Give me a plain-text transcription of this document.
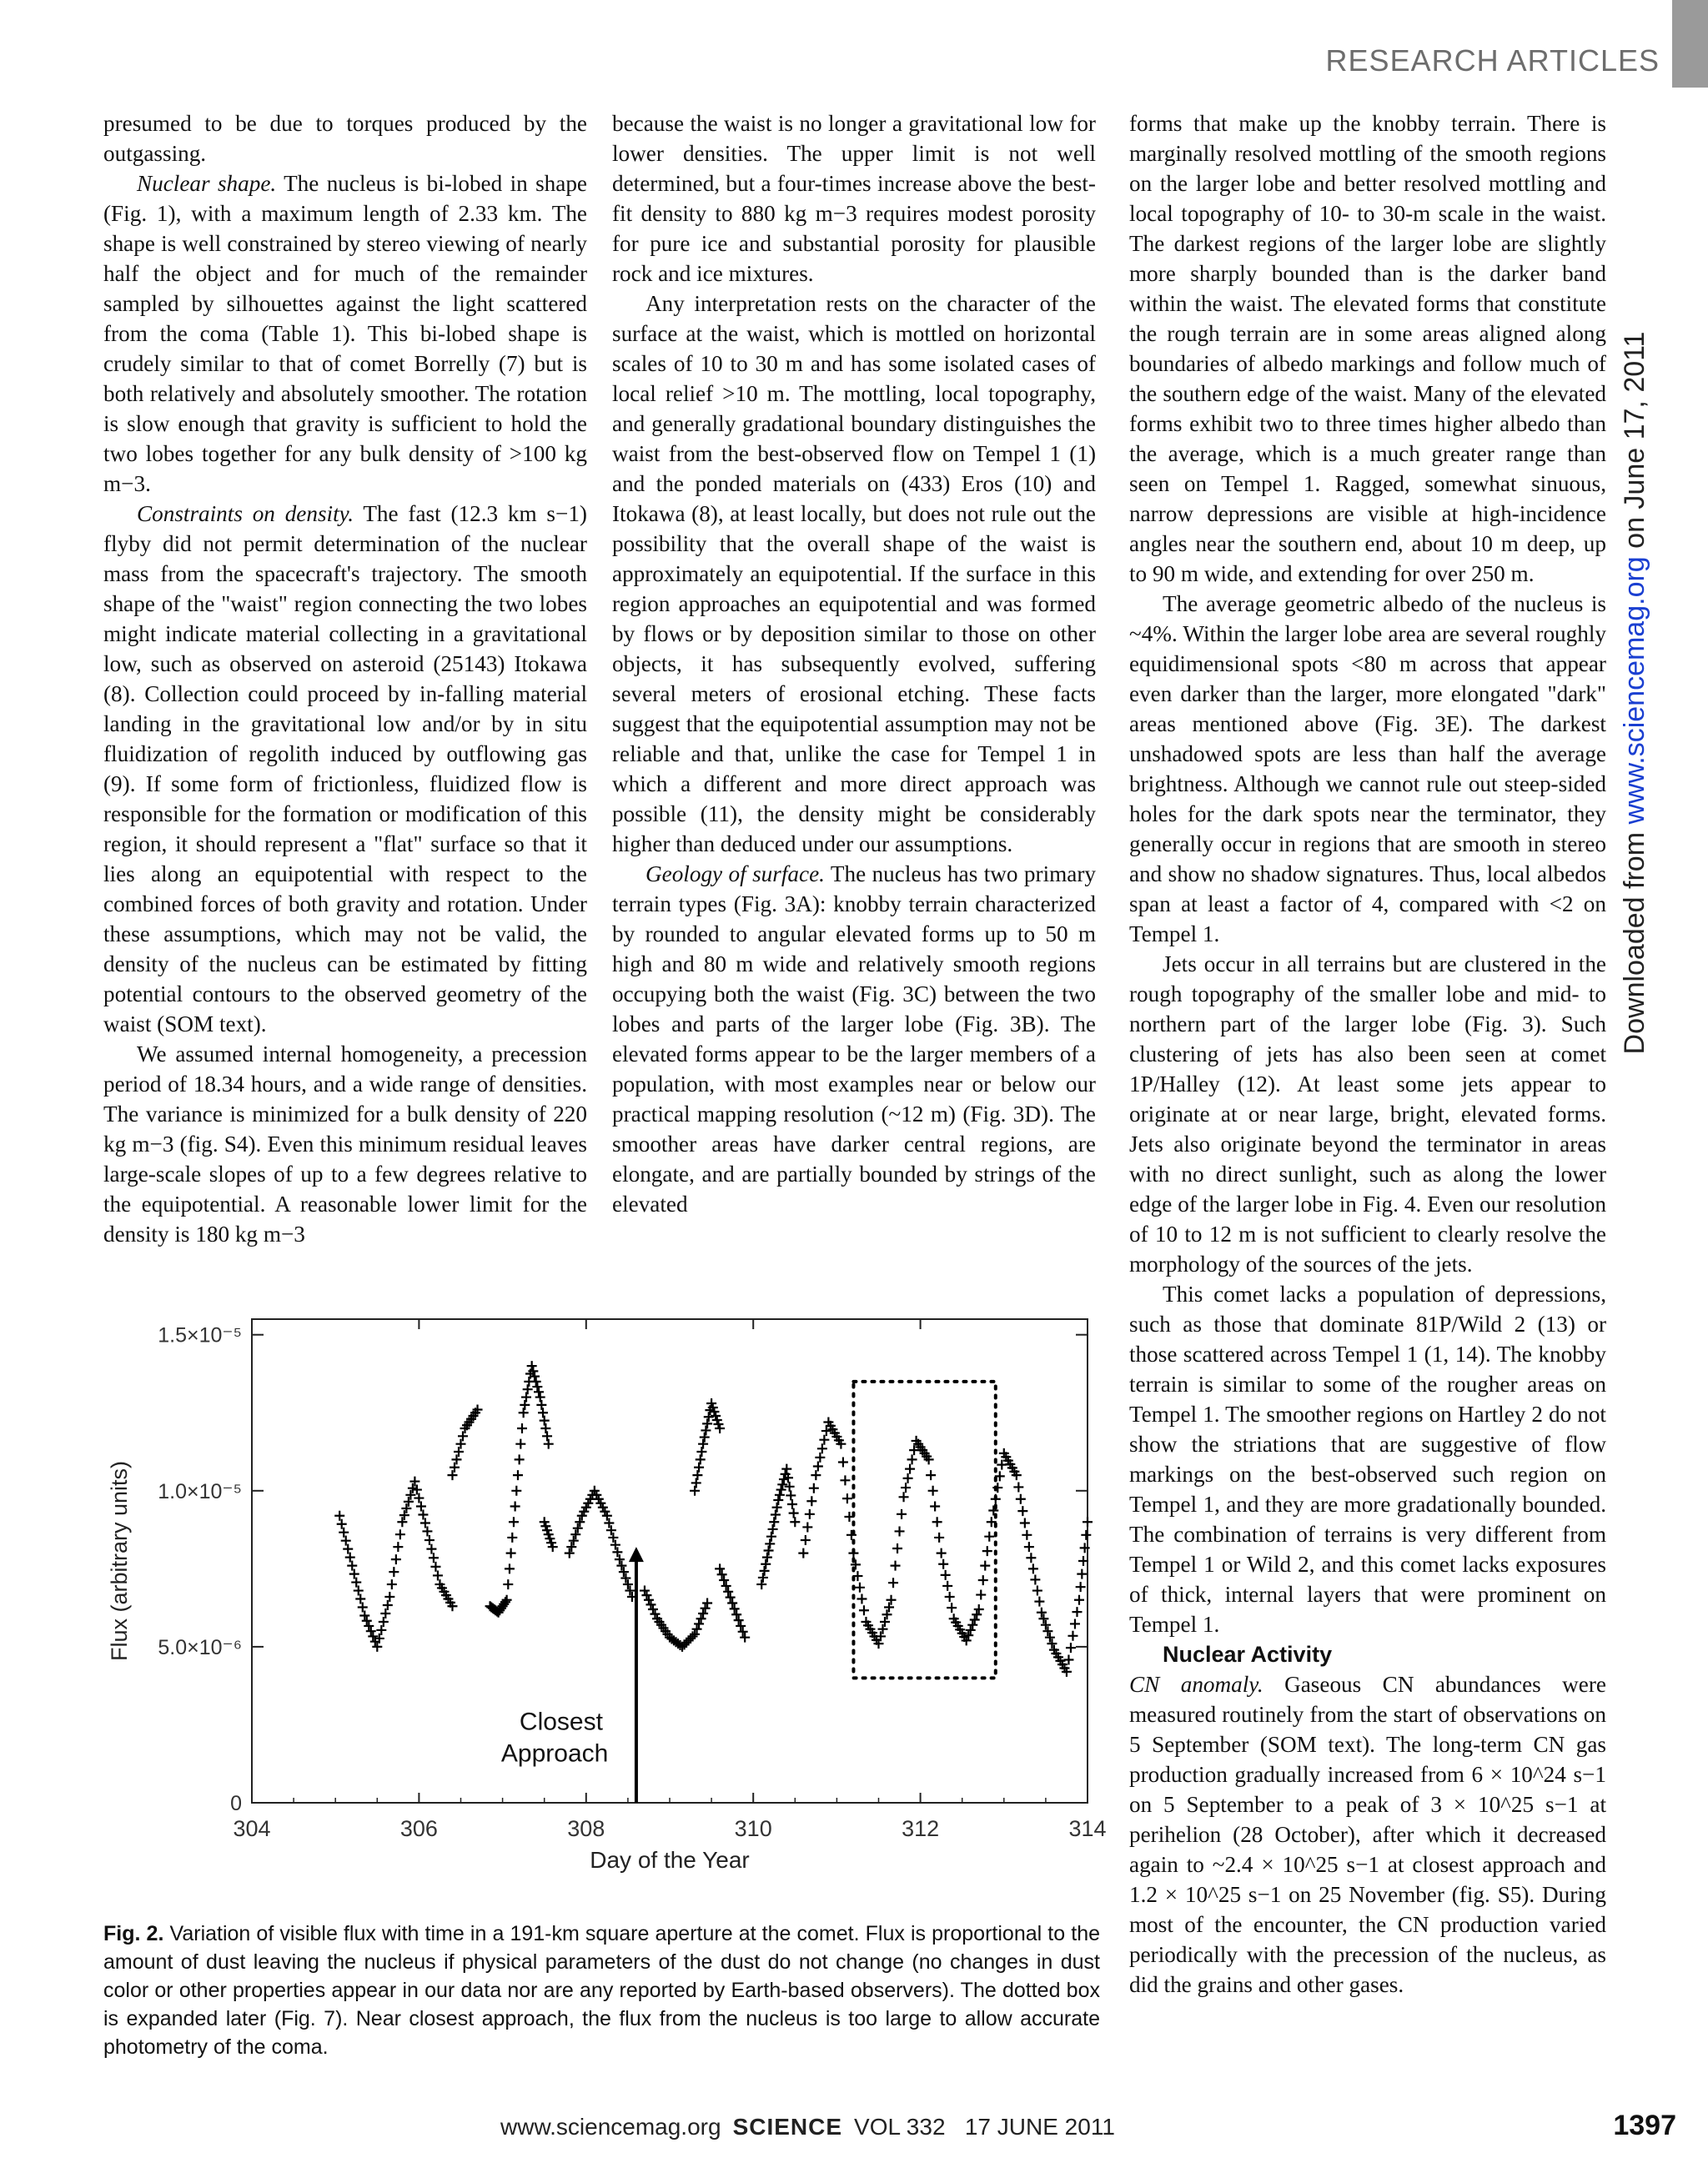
RESEARCH ARTICLES

presumed to be due to torques produced by the outgassing.

Nuclear shape. The nucleus is bi-lobed in shape (Fig. 1), with a maximum length of 2.33 km. The shape is well constrained by stereo viewing of nearly half the object and for much of the remainder sampled by silhouettes against the light scattered from the coma (Table 1). This bi-lobed shape is crudely similar to that of comet Borrelly (7) but is both relatively and absolutely smoother. The rotation is slow enough that gravity is sufficient to hold the two lobes together for any bulk density of >100 kg m−3.

Constraints on density. The fast (12.3 km s−1) flyby did not permit determination of the nuclear mass from the spacecraft's trajectory. The smooth shape of the "waist" region connecting the two lobes might indicate material collecting in a gravitational low, such as observed on asteroid (25143) Itokawa (8). Collection could proceed by in-falling material landing in the gravitational low and/or by in situ fluidization of regolith induced by outflowing gas (9). If some form of frictionless, fluidized flow is responsible for the formation or modification of this region, it should represent a "flat" surface so that it lies along an equipotential with respect to the combined forces of both gravity and rotation. Under these assumptions, which may not be valid, the density of the nucleus can be estimated by fitting potential contours to the observed geometry of the waist (SOM text).

We assumed internal homogeneity, a precession period of 18.34 hours, and a wide range of densities. The variance is minimized for a bulk density of 220 kg m−3 (fig. S4). Even this minimum residual leaves large-scale slopes of up to a few degrees relative to the equipotential. A reasonable lower limit for the density is 180 kg m−3

because the waist is no longer a gravitational low for lower densities. The upper limit is not well determined, but a four-times increase above the best-fit density to 880 kg m−3 requires modest porosity for pure ice and substantial porosity for plausible rock and ice mixtures.

Any interpretation rests on the character of the surface at the waist, which is mottled on horizontal scales of 10 to 30 m and has some isolated cases of local relief >10 m. The mottling, local topography, and generally gradational boundary distinguishes the waist from the best-observed flow on Tempel 1 (1) and the ponded materials on (433) Eros (10) and Itokawa (8), at least locally, but does not rule out the possibility that the overall shape of the waist is approximately an equipotential. If the surface in this region approaches an equipotential and was formed by flows or by deposition similar to those on other objects, it has subsequently evolved, suffering several meters of erosional etching. These facts suggest that the equipotential assumption may not be reliable and that, unlike the case for Tempel 1 in which a different and more direct approach was possible (11), the density might be considerably higher than deduced under our assumptions.

Geology of surface. The nucleus has two primary terrain types (Fig. 3A): knobby terrain characterized by rounded to angular elevated forms up to 50 m high and 80 m wide and relatively smooth regions occupying both the waist (Fig. 3C) between the two lobes and parts of the larger lobe (Fig. 3B). The elevated forms appear to be the larger members of a population, with most examples near or below our practical mapping resolution (~12 m) (Fig. 3D). The smoother areas have darker central regions, are elongate, and are partially bounded by strings of the elevated

forms that make up the knobby terrain. There is marginally resolved mottling of the smooth regions on the larger lobe and better resolved mottling and local topography of 10- to 30-m scale in the waist. The darkest regions of the larger lobe are slightly more sharply bounded than is the darker band within the waist. The elevated forms that constitute the rough terrain are in some areas aligned along boundaries of albedo markings and follow much of the southern edge of the waist. Many of the elevated forms exhibit two to three times higher albedo than the average, which is a much greater range than seen on Tempel 1. Ragged, somewhat sinuous, narrow depressions are visible at high-incidence angles near the southern end, about 10 m deep, up to 90 m wide, and extending for over 250 m.

The average geometric albedo of the nucleus is ~4%. Within the larger lobe area are several roughly equidimensional spots <80 m across that appear even darker than the larger, more elongated "dark" areas mentioned above (Fig. 3E). The darkest unshadowed spots are less than half the average brightness. Although we cannot rule out steep-sided holes for the dark spots near the terminator, they generally occur in regions that are smooth in stereo and show no shadow signatures. Thus, local albedos span at least a factor of 4, compared with <2 on Tempel 1.

Jets occur in all terrains but are clustered in the rough topography of the smaller lobe and mid- to northern part of the larger lobe (Fig. 3). Such clustering of jets has also been seen at comet 1P/Halley (12). At least some jets appear to originate at or near large, bright, elevated forms. Jets also originate beyond the terminator in areas with no direct sunlight, such as along the lower edge of the larger lobe in Fig. 4. Even our resolution of 10 to 12 m is not sufficient to clearly resolve the morphology of the sources of the jets.

This comet lacks a population of depressions, such as those that dominate 81P/Wild 2 (13) or those scattered across Tempel 1 (1, 14). The knobby terrain is similar to some of the rougher areas on Tempel 1. The smoother regions on Hartley 2 do not show the striations that are suggestive of flow markings on the best-observed such region on Tempel 1, and they are more gradationally bounded. The combination of terrains is very different from Tempel 1 or Wild 2, and this comet lacks exposures of thick, internal layers that were prominent on Tempel 1.

Nuclear Activity

CN anomaly. Gaseous CN abundances were measured routinely from the start of observations on 5 September (SOM text). The long-term CN gas production gradually increased from 6 × 10^24 s−1 on 5 September to a peak of 3 × 10^25 s−1 at perihelion (28 October), after which it decreased again to ~2.4 × 10^25 s−1 at closest approach and 1.2 × 10^25 s−1 on 25 November (fig. S5). During most of the encounter, the CN production varied periodically with the precession of the nucleus, as did the grains and other gases.

Downloaded from www.sciencemag.org on June 17, 2011
304	306	308	310	312	314
0
5.0×10⁻⁶
1.0×10⁻⁵
1.5×10⁻⁵
Day of the Year
Flux (arbitrary units)
Closest
Approach
Fig. 2. Variation of visible flux with time in a 191-km square aperture at the comet. Flux is proportional to the amount of dust leaving the nucleus if physical parameters of the dust do not change (no changes in dust color or other properties appear in our data nor are any reported by Earth-based observers). The dotted box is expanded later (Fig. 7). Near closest approach, the flux from the nucleus is too large to allow accurate photometry of the coma.
www.sciencemag.org SCIENCE VOL 332 17 JUNE 2011	1397
